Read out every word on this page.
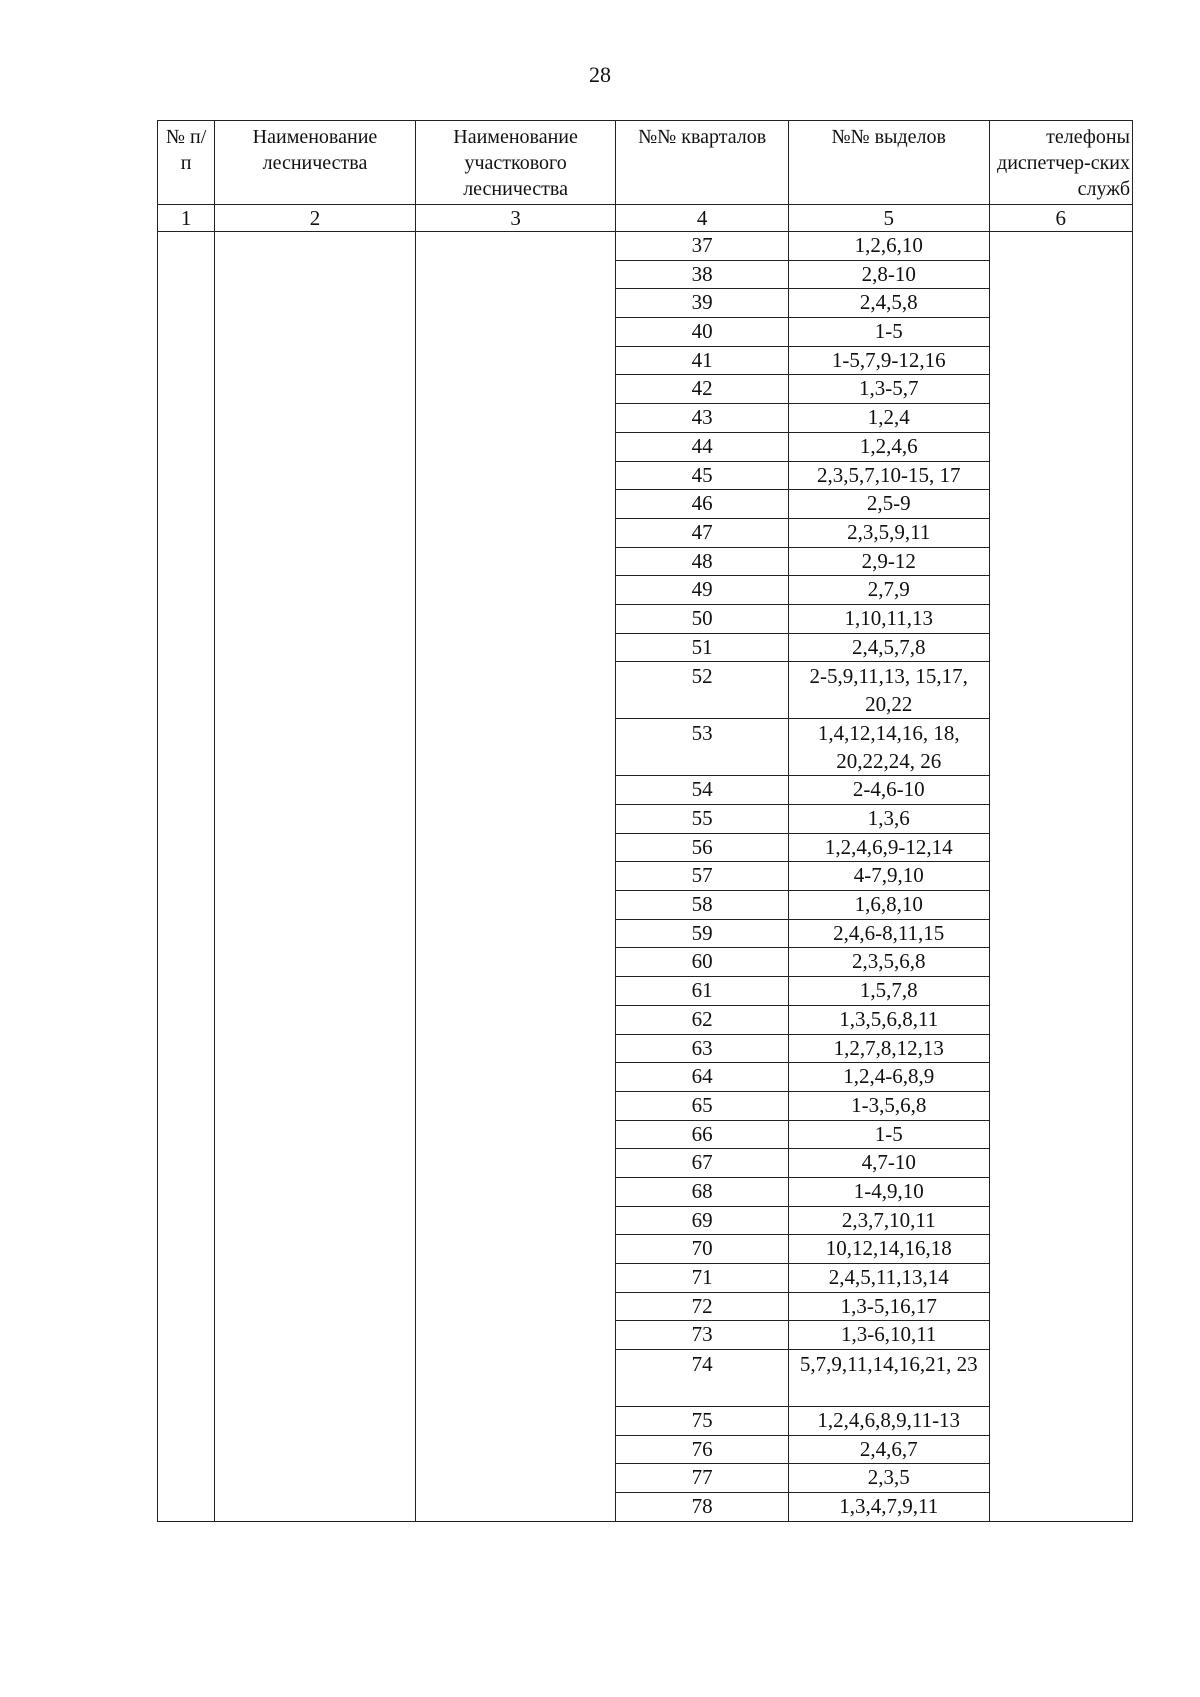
28
№ п/п	Наименование лесничества	Наименование участкового лесничества	№№ кварталов	№№ выделов	телефоны диспетчер-ских служб
1	2	3	4	5	6
			37	1,2,6,10	
			38	2,8-10	
			39	2,4,5,8	
			40	1-5	
			41	1-5,7,9-12,16	
			42	1,3-5,7	
			43	1,2,4	
			44	1,2,4,6	
			45	2,3,5,7,10-15, 17	
			46	2,5-9	
			47	2,3,5,9,11	
			48	2,9-12	
			49	2,7,9	
			50	1,10,11,13	
			51	2,4,5,7,8	
			52	2-5,9,11,13, 15,17, 20,22	
			53	1,4,12,14,16, 18, 20,22,24, 26	
			54	2-4,6-10	
			55	1,3,6	
			56	1,2,4,6,9-12,14	
			57	4-7,9,10	
			58	1,6,8,10	
			59	2,4,6-8,11,15	
			60	2,3,5,6,8	
			61	1,5,7,8	
			62	1,3,5,6,8,11	
			63	1,2,7,8,12,13	
			64	1,2,4-6,8,9	
			65	1-3,5,6,8	
			66	1-5	
			67	4,7-10	
			68	1-4,9,10	
			69	2,3,7,10,11	
			70	10,12,14,16,18	
			71	2,4,5,11,13,14	
			72	1,3-5,16,17	
			73	1,3-6,10,11	
			74	5,7,9,11,14,16,21, 23	
			75	1,2,4,6,8,9,11-13	
			76	2,4,6,7	
			77	2,3,5	
			78	1,3,4,7,9,11	
